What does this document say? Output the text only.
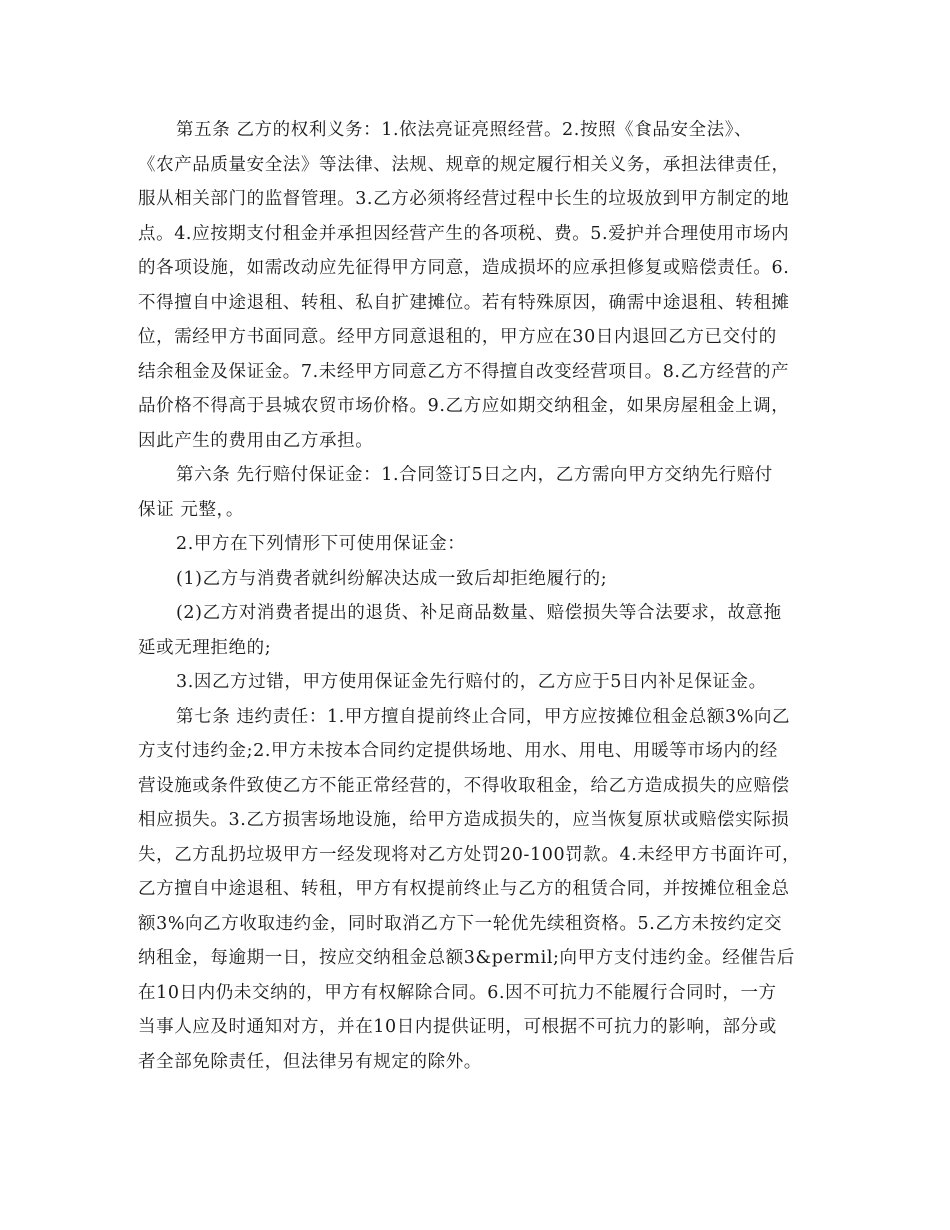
第五条 乙方的权利义务：1.依法亮证亮照经营。2.按照《食品安全法》、
《农产品质量安全法》等法律、法规、规章的规定履行相关义务，承担法律责任，
服从相关部门的监督管理。3.乙方必须将经营过程中长生的垃圾放到甲方制定的地
点。4.应按期支付租金并承担因经营产生的各项税、费。5.爱护并合理使用市场内
的各项设施，如需改动应先征得甲方同意，造成损坏的应承担修复或赔偿责任。6.
不得擅自中途退租、转租、私自扩建摊位。若有特殊原因，确需中途退租、转租摊
位，需经甲方书面同意。经甲方同意退租的，甲方应在30日内退回乙方已交付的
结余租金及保证金。7.未经甲方同意乙方不得擅自改变经营项目。8.乙方经营的产
品价格不得高于县城农贸市场价格。9.乙方应如期交纳租金，如果房屋租金上调，
因此产生的费用由乙方承担。
第六条 先行赔付保证金：1.合同签订5日之内，乙方需向甲方交纳先行赔付
保证 元整，。
2.甲方在下列情形下可使用保证金：
(1)乙方与消费者就纠纷解决达成一致后却拒绝履行的;
(2)乙方对消费者提出的退货、补足商品数量、赔偿损失等合法要求，故意拖
延或无理拒绝的;
3.因乙方过错，甲方使用保证金先行赔付的，乙方应于5日内补足保证金。
第七条 违约责任：1.甲方擅自提前终止合同，甲方应按摊位租金总额3%向乙
方支付违约金;2.甲方未按本合同约定提供场地、用水、用电、用暖等市场内的经
营设施或条件致使乙方不能正常经营的，不得收取租金，给乙方造成损失的应赔偿
相应损失。3.乙方损害场地设施，给甲方造成损失的，应当恢复原状或赔偿实际损
失，乙方乱扔垃圾甲方一经发现将对乙方处罚20-100罚款。4.未经甲方书面许可，
乙方擅自中途退租、转租，甲方有权提前终止与乙方的租赁合同，并按摊位租金总
额3%向乙方收取违约金，同时取消乙方下一轮优先续租资格。5.乙方未按约定交
纳租金，每逾期一日，按应交纳租金总额3&permil;向甲方支付违约金。经催告后
在10日内仍未交纳的，甲方有权解除合同。6.因不可抗力不能履行合同时，一方
当事人应及时通知对方，并在10日内提供证明，可根据不可抗力的影响，部分或
者全部免除责任，但法律另有规定的除外。
